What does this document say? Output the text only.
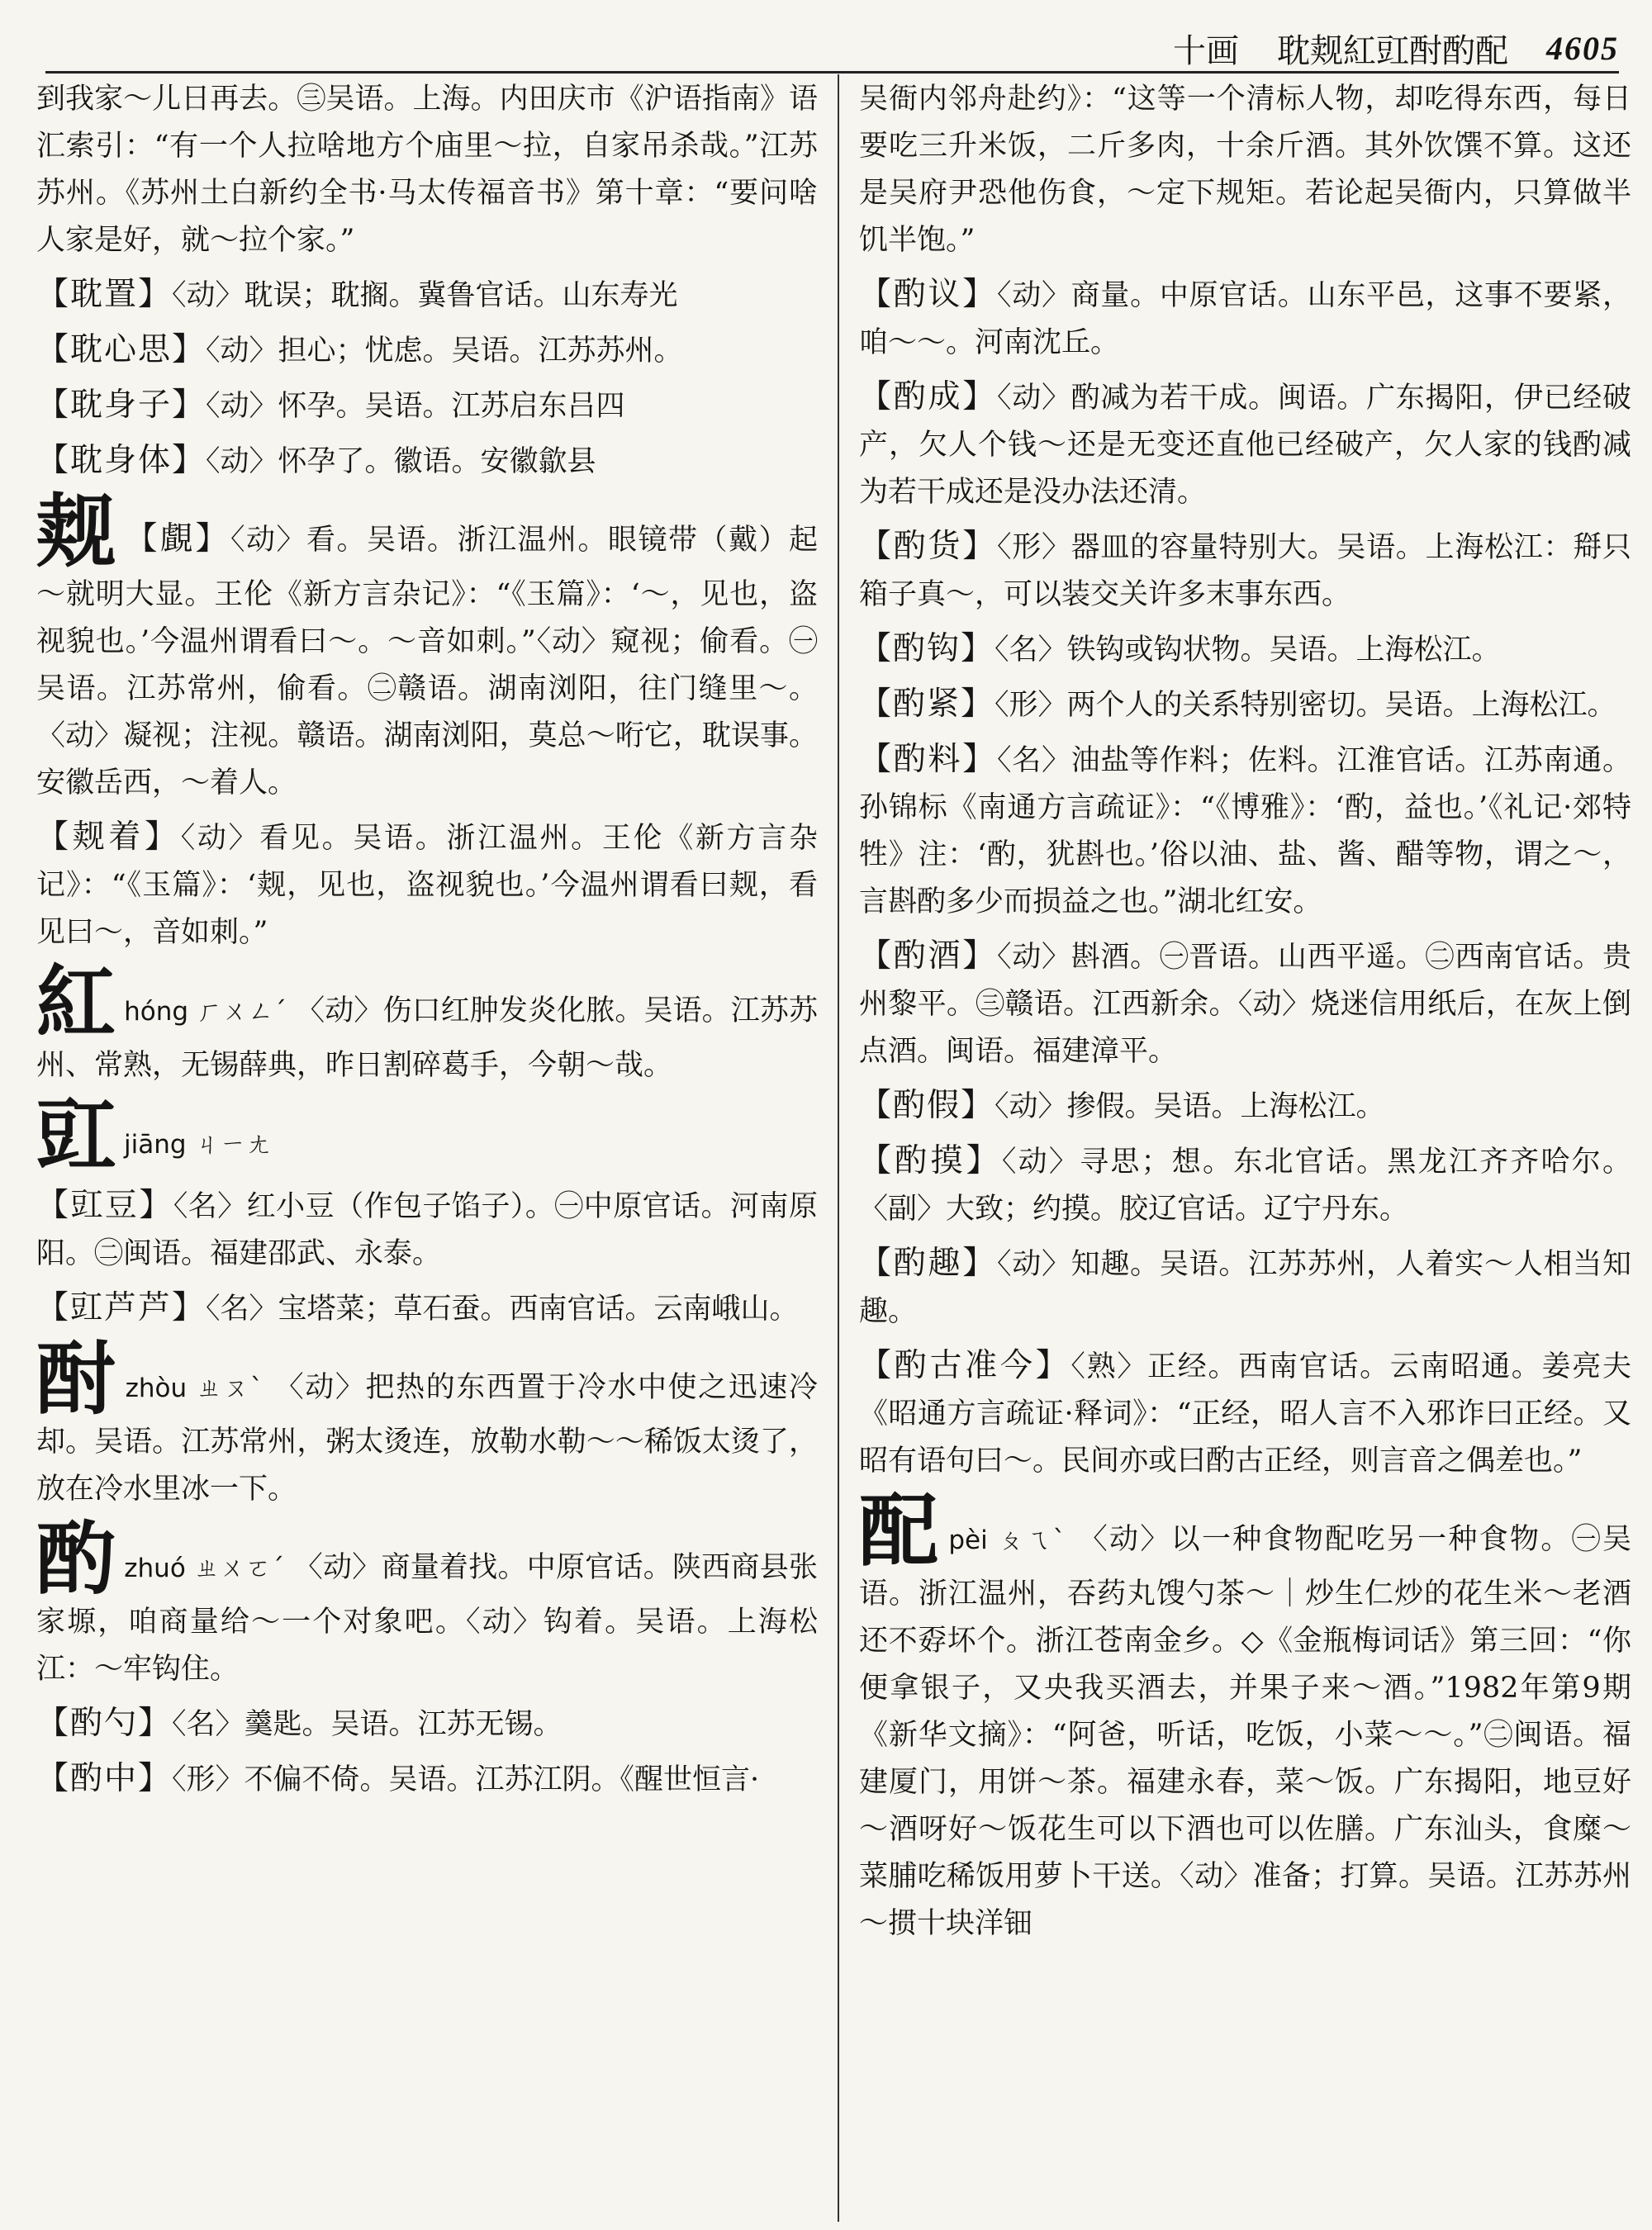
十画 耽觌紅豇酎酌配 4605

到我家～儿日再去。㊂吴语。上海。内田庆市《沪语指南》语汇索引：“有一个人拉啥地方个庙里～拉，自家吊杀哉。”江苏苏州。《苏州土白新约全书·马太传福音书》第十章：“要问啥人家是好，就～拉个家。”

【耽置】〈动〉耽误；耽搁。冀鲁官话。山东寿光

【耽心思】〈动〉担心；忧虑。吴语。江苏苏州。

【耽身子】〈动〉怀孕。吴语。江苏启东吕四

【耽身体】〈动〉怀孕了。徽语。安徽歙县

觌 【覰】〈动〉看。吴语。浙江温州。眼镜带（戴）起～就明大显。王伦《新方言杂记》：“《玉篇》：‘～，见也，盗视貌也。’今温州谓看曰～。～音如刺。”〈动〉窥视；偷看。㊀吴语。江苏常州，偷看。㊁赣语。湖南浏阳，往门缝里～。〈动〉凝视；注视。赣语。湖南浏阳，莫总～哘它，耽误事。安徽岳西，～着人。

【觌着】〈动〉看见。吴语。浙江温州。王伦《新方言杂记》：“《玉篇》：‘觌，见也，盗视貌也。’今温州谓看曰觌，看见曰～，音如刺。”

紅hóng ㄏㄨㄥˊ 〈动〉伤口红肿发炎化脓。吴语。江苏苏州、常熟，无锡薛典，昨日割碎葛手，今朝～哉。

豇jiāng ㄐㄧㄤ

【豇豆】〈名〉红小豆（作包子馅子）。㊀中原官话。河南原阳。㊁闽语。福建邵武、永泰。

【豇芦芦】〈名〉宝塔菜；草石蚕。西南官话。云南峨山。

酎zhòu ㄓㄡˋ 〈动〉把热的东西置于冷水中使之迅速冷却。吴语。江苏常州，粥太烫连，放勒水勒～～稀饭太烫了，放在冷水里冰一下。

酌zhuó ㄓㄨㄛˊ 〈动〉商量着找。中原官话。陕西商县张家塬，咱商量给～一个对象吧。〈动〉钩着。吴语。上海松江：～牢钩住。

【酌勺】〈名〉羹匙。吴语。江苏无锡。

【酌中】〈形〉不偏不倚。吴语。江苏江阴。《醒世恒言·

吴衙内邻舟赴约》：“这等一个清标人物，却吃得东西，每日要吃三升米饭，二斤多肉，十余斤酒。其外饮馔不算。这还是吴府尹恐他伤食，～定下规矩。若论起吴衙内，只算做半饥半饱。”

【酌议】〈动〉商量。中原官话。山东平邑，这事不要紧，咱～～。河南沈丘。

【酌成】〈动〉酌减为若干成。闽语。广东揭阳，伊已经破产，欠人个钱～还是无变还直他已经破产，欠人家的钱酌减为若干成还是没办法还清。

【酌货】〈形〉器皿的容量特别大。吴语。上海松江：搿只箱子真～，可以装交关许多末事东西。

【酌钩】〈名〉铁钩或钩状物。吴语。上海松江。

【酌紧】〈形〉两个人的关系特别密切。吴语。上海松江。

【酌料】〈名〉油盐等作料；佐料。江淮官话。江苏南通。孙锦标《南通方言疏证》：“《博雅》：‘酌，益也。’《礼记·郊特牲》注：‘酌，犹斟也。’俗以油、盐、酱、醋等物，谓之～，言斟酌多少而损益之也。”湖北红安。

【酌酒】〈动〉斟酒。㊀晋语。山西平遥。㊁西南官话。贵州黎平。㊂赣语。江西新余。〈动〉烧迷信用纸后，在灰上倒点酒。闽语。福建漳平。

【酌假】〈动〉掺假。吴语。上海松江。

【酌摸】〈动〉寻思；想。东北官话。黑龙江齐齐哈尔。〈副〉大致；约摸。胶辽官话。辽宁丹东。

【酌趣】〈动〉知趣。吴语。江苏苏州，人着实～人相当知趣。

【酌古准今】〈熟〉正经。西南官话。云南昭通。姜亮夫《昭通方言疏证·释词》：“正经，昭人言不入邪诈曰正经。又昭有语句曰～。民间亦或曰酌古正经，则言音之偶差也。”

配pèi ㄆㄟˋ 〈动〉以一种食物配吃另一种食物。㊀吴语。浙江温州，吞药丸馊勺茶～｜炒生仁炒的花生米～老酒还不孬坏个。浙江苍南金乡。◇《金瓶梅词话》第三回：“你便拿银子，又央我买酒去，并果子来～酒。”1982年第9期《新华文摘》：“阿爸，听话，吃饭，小菜～～。”㊁闽语。福建厦门，用饼～茶。福建永春，菜～饭。广东揭阳，地豆好～酒呀好～饭花生可以下酒也可以佐膳。广东汕头，食糜～菜脯吃稀饭用萝卜干送。〈动〉准备；打算。吴语。江苏苏州～掼十块洋钿
